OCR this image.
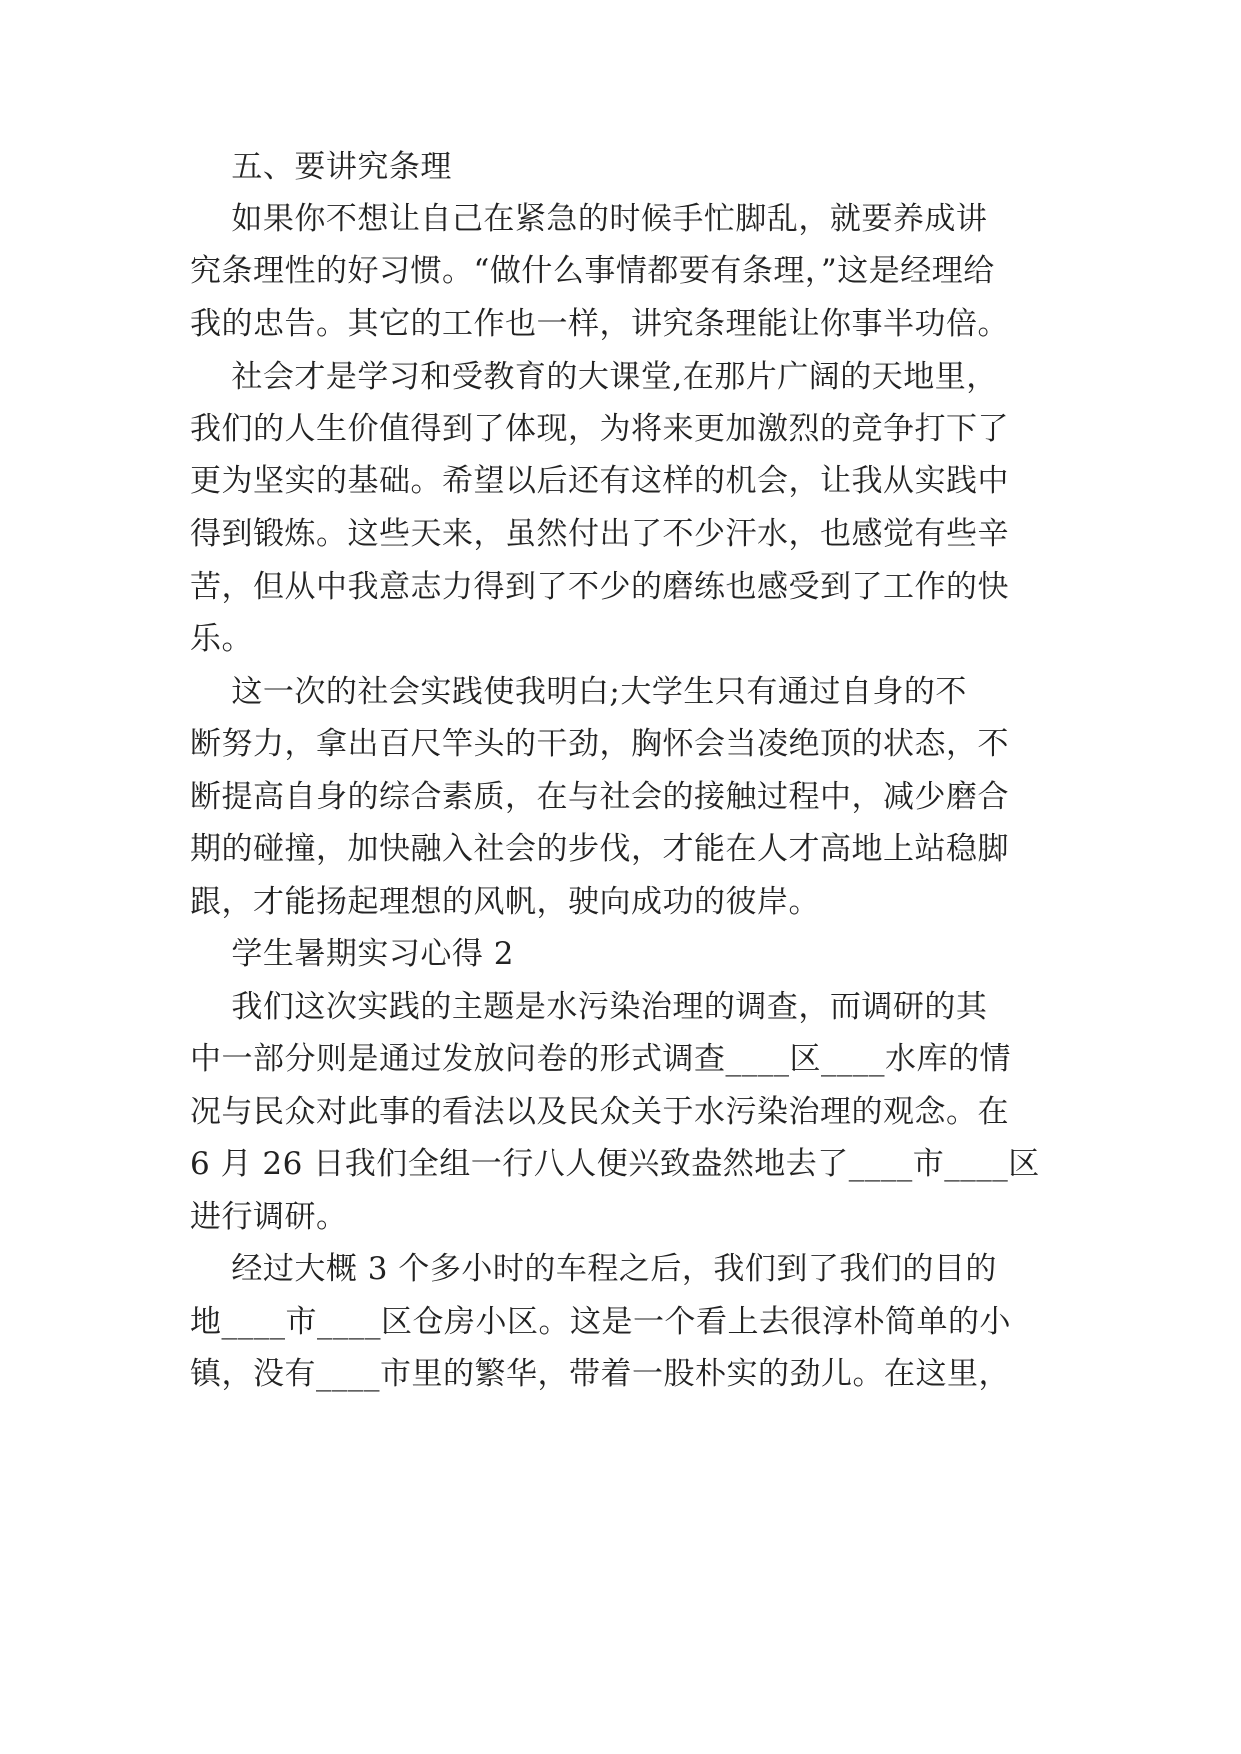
五、要讲究条理
如果你不想让自己在紧急的时候手忙脚乱，就要养成讲
究条理性的好习惯。“做什么事情都要有条理，”这是经理给
我的忠告。其它的工作也一样，讲究条理能让你事半功倍。
社会才是学习和受教育的大课堂,在那片广阔的天地里，
我们的人生价值得到了体现，为将来更加激烈的竞争打下了
更为坚实的基础。希望以后还有这样的机会，让我从实践中
得到锻炼。这些天来，虽然付出了不少汗水，也感觉有些辛
苦，但从中我意志力得到了不少的磨练也感受到了工作的快
乐。
这一次的社会实践使我明白;大学生只有通过自身的不
断努力，拿出百尺竿头的干劲，胸怀会当凌绝顶的状态，不
断提高自身的综合素质，在与社会的接触过程中，减少磨合
期的碰撞，加快融入社会的步伐，才能在人才高地上站稳脚
跟，才能扬起理想的风帆，驶向成功的彼岸。
学生暑期实习心得 2
我们这次实践的主题是水污染治理的调查，而调研的其
中一部分则是通过发放问卷的形式调查____区____水库的情
况与民众对此事的看法以及民众关于水污染治理的观念。在
6 月 26 日我们全组一行八人便兴致盎然地去了____市____区
进行调研。
经过大概 3 个多小时的车程之后，我们到了我们的目的
地____市____区仓房小区。这是一个看上去很淳朴简单的小
镇，没有____市里的繁华，带着一股朴实的劲儿。在这里，
